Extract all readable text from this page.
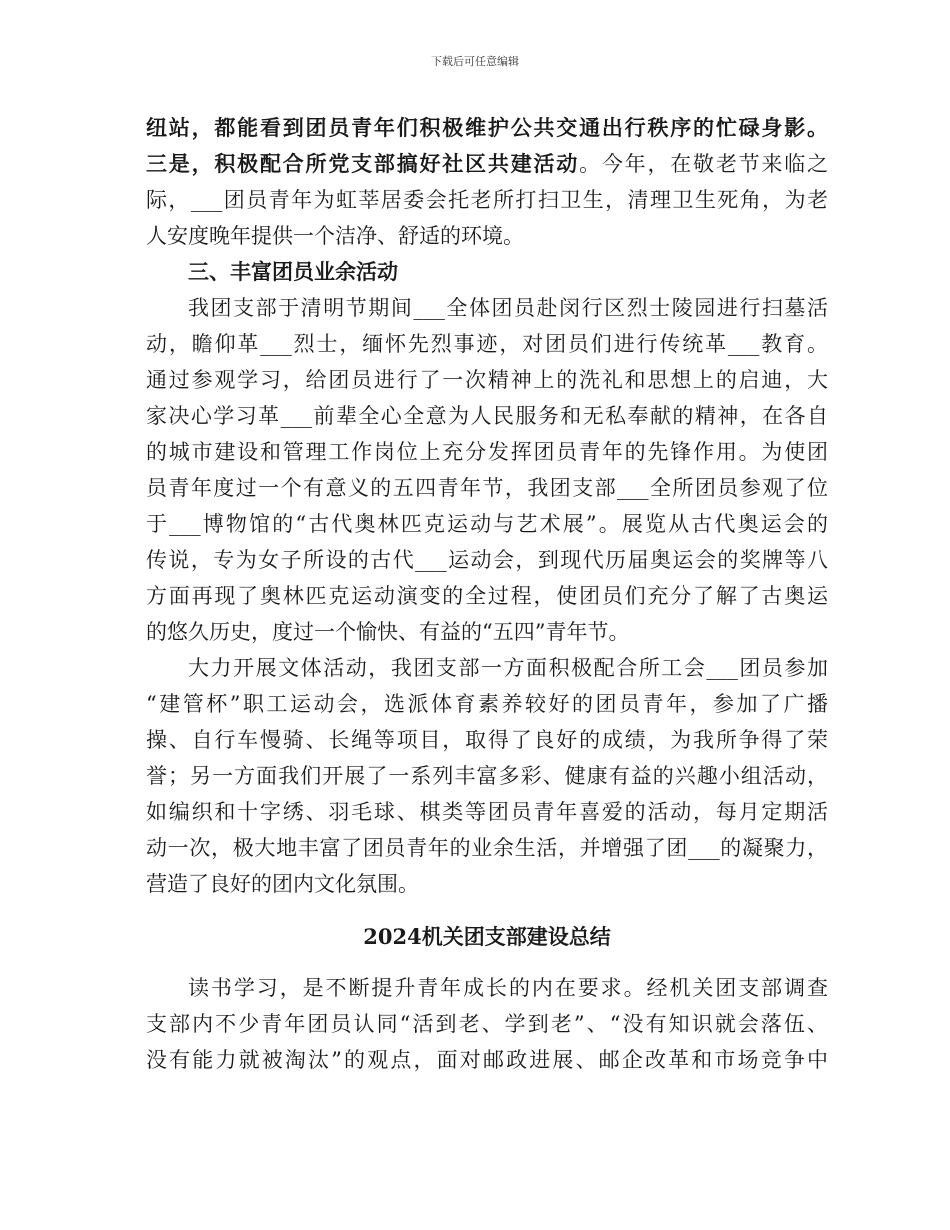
下载后可任意编辑
纽站，都能看到团员青年们积极维护公共交通出行秩序的忙碌身影。
三是，积极配合所党支部搞好社区共建活动。今年，在敬老节来临之
际，___团员青年为虹莘居委会托老所打扫卫生，清理卫生死角，为老
人安度晚年提供一个洁净、舒适的环境。
三、丰富团员业余活动
我团支部于清明节期间___全体团员赴闵行区烈士陵园进行扫墓活
动，瞻仰革___烈士，缅怀先烈事迹，对团员们进行传统革___教育。
通过参观学习，给团员进行了一次精神上的洗礼和思想上的启迪，大
家决心学习革___前辈全心全意为人民服务和无私奉献的精神，在各自
的城市建设和管理工作岗位上充分发挥团员青年的先锋作用。为使团
员青年度过一个有意义的五四青年节，我团支部___全所团员参观了位
于___博物馆的“古代奥林匹克运动与艺术展”。展览从古代奥运会的
传说，专为女子所设的古代___运动会，到现代历届奥运会的奖牌等八
方面再现了奥林匹克运动演变的全过程，使团员们充分了解了古奥运
的悠久历史，度过一个愉快、有益的“五四”青年节。
大力开展文体活动，我团支部一方面积极配合所工会___团员参加
“建管杯”职工运动会，选派体育素养较好的团员青年，参加了广播
操、自行车慢骑、长绳等项目，取得了良好的成绩，为我所争得了荣
誉；另一方面我们开展了一系列丰富多彩、健康有益的兴趣小组活动，
如编织和十字绣、羽毛球、棋类等团员青年喜爱的活动，每月定期活
动一次，极大地丰富了团员青年的业余生活，并增强了团___的凝聚力，
营造了良好的团内文化氛围。
2024机关团支部建设总结
读书学习，是不断提升青年成长的内在要求。经机关团支部调查
支部内不少青年团员认同“活到老、学到老”、“没有知识就会落伍、
没有能力就被淘汰”的观点，面对邮政进展、邮企改革和市场竞争中
